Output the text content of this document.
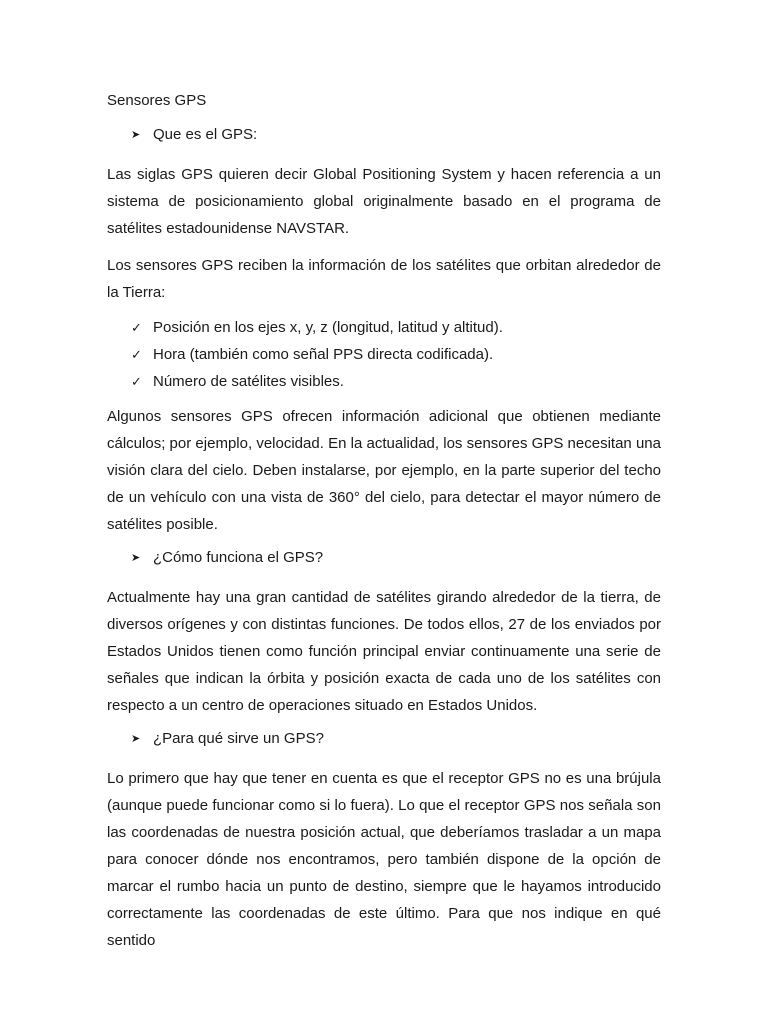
Sensores GPS

➤ Que es el GPS:

Las siglas GPS quieren decir Global Positioning System y hacen referencia a un sistema de posicionamiento global originalmente basado en el programa de satélites estadounidense NAVSTAR.

Los sensores GPS reciben la información de los satélites que orbitan alrededor de la Tierra:

✓ Posición en los ejes x, y, z (longitud, latitud y altitud).
✓ Hora (también como señal PPS directa codificada).
✓ Número de satélites visibles.

Algunos sensores GPS ofrecen información adicional que obtienen mediante cálculos; por ejemplo, velocidad. En la actualidad, los sensores GPS necesitan una visión clara del cielo. Deben instalarse, por ejemplo, en la parte superior del techo de un vehículo con una vista de 360° del cielo, para detectar el mayor número de satélites posible.

➤ ¿Cómo funciona el GPS?

Actualmente hay una gran cantidad de satélites girando alrededor de la tierra, de diversos orígenes y con distintas funciones. De todos ellos, 27 de los enviados por Estados Unidos tienen como función principal enviar continuamente una serie de señales que indican la órbita y posición exacta de cada uno de los satélites con respecto a un centro de operaciones situado en Estados Unidos.

➤ ¿Para qué sirve un GPS?

Lo primero que hay que tener en cuenta es que el receptor GPS no es una brújula (aunque puede funcionar como si lo fuera). Lo que el receptor GPS nos señala son las coordenadas de nuestra posición actual, que deberíamos trasladar a un mapa para conocer dónde nos encontramos, pero también dispone de la opción de marcar el rumbo hacia un punto de destino, siempre que le hayamos introducido correctamente las coordenadas de este último. Para que nos indique en qué sentido
